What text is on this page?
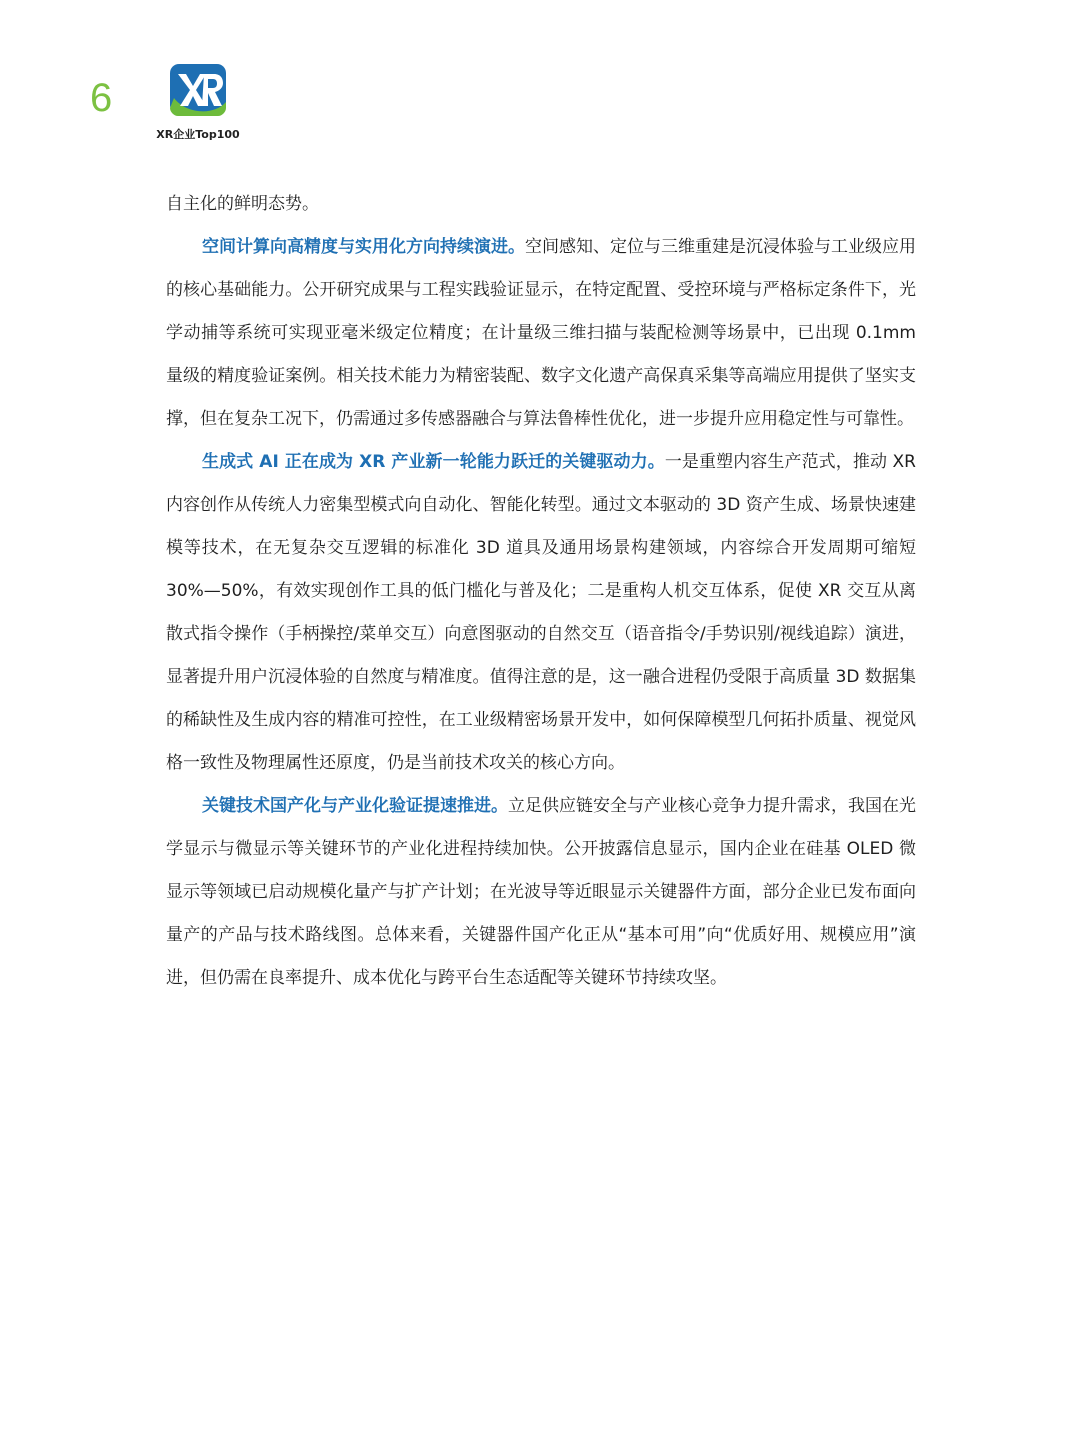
6
XR企业Top100

自主化的鲜明态势。

空间计算向高精度与实用化方向持续演进。空间感知、定位与三维重建是沉浸体验与工业级应用的核心基础能力。公开研究成果与工程实践验证显示，在特定配置、受控环境与严格标定条件下，光学动捕等系统可实现亚毫米级定位精度；在计量级三维扫描与装配检测等场景中，已出现 0.1mm 量级的精度验证案例。相关技术能力为精密装配、数字文化遗产高保真采集等高端应用提供了坚实支撑，但在复杂工况下，仍需通过多传感器融合与算法鲁棒性优化，进一步提升应用稳定性与可靠性。

生成式 AI 正在成为 XR 产业新一轮能力跃迁的关键驱动力。一是重塑内容生产范式，推动 XR 内容创作从传统人力密集型模式向自动化、智能化转型。通过文本驱动的 3D 资产生成、场景快速建模等技术，在无复杂交互逻辑的标准化 3D 道具及通用场景构建领域，内容综合开发周期可缩短 30%—50%，有效实现创作工具的低门槛化与普及化；二是重构人机交互体系，促使 XR 交互从离散式指令操作（手柄操控/菜单交互）向意图驱动的自然交互（语音指令/手势识别/视线追踪）演进，显著提升用户沉浸体验的自然度与精准度。值得注意的是，这一融合进程仍受限于高质量 3D 数据集的稀缺性及生成内容的精准可控性，在工业级精密场景开发中，如何保障模型几何拓扑质量、视觉风格一致性及物理属性还原度，仍是当前技术攻关的核心方向。

关键技术国产化与产业化验证提速推进。立足供应链安全与产业核心竞争力提升需求，我国在光学显示与微显示等关键环节的产业化进程持续加快。公开披露信息显示，国内企业在硅基 OLED 微显示等领域已启动规模化量产与扩产计划；在光波导等近眼显示关键器件方面，部分企业已发布面向量产的产品与技术路线图。总体来看，关键器件国产化正从“基本可用”向“优质好用、规模应用”演进，但仍需在良率提升、成本优化与跨平台生态适配等关键环节持续攻坚。
